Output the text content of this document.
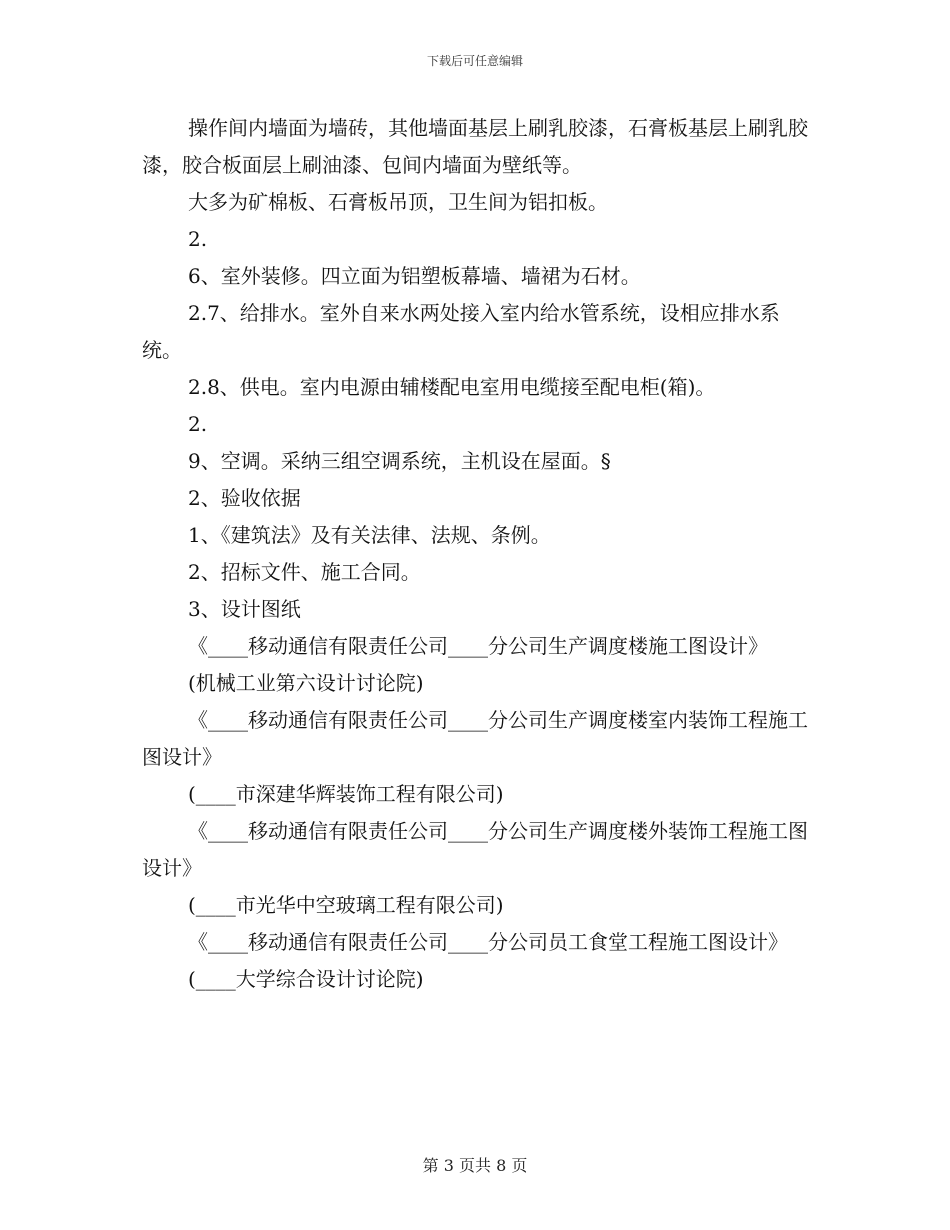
下载后可任意编辑

操作间内墙面为墙砖，其他墙面基层上刷乳胶漆，石膏板基层上刷乳胶漆，胶合板面层上刷油漆、包间内墙面为壁纸等。

大多为矿棉板、石膏板吊顶，卫生间为铝扣板。

2.

6、室外装修。四立面为铝塑板幕墙、墙裙为石材。

2.7、给排水。室外自来水两处接入室内给水管系统，设相应排水系统。

2.8、供电。室内电源由辅楼配电室用电缆接至配电柜(箱)。

2.

9、空调。采纳三组空调系统，主机设在屋面。§

2、验收依据

1、《建筑法》及有关法律、法规、条例。

2、招标文件、施工合同。

3、设计图纸

《____移动通信有限责任公司____分公司生产调度楼施工图设计》

(机械工业第六设计讨论院)

《____移动通信有限责任公司____分公司生产调度楼室内装饰工程施工图设计》

(____市深建华辉装饰工程有限公司)

《____移动通信有限责任公司____分公司生产调度楼外装饰工程施工图设计》

(____市光华中空玻璃工程有限公司)

《____移动通信有限责任公司____分公司员工食堂工程施工图设计》

(____大学综合设计讨论院)

第 3 页共 8 页
